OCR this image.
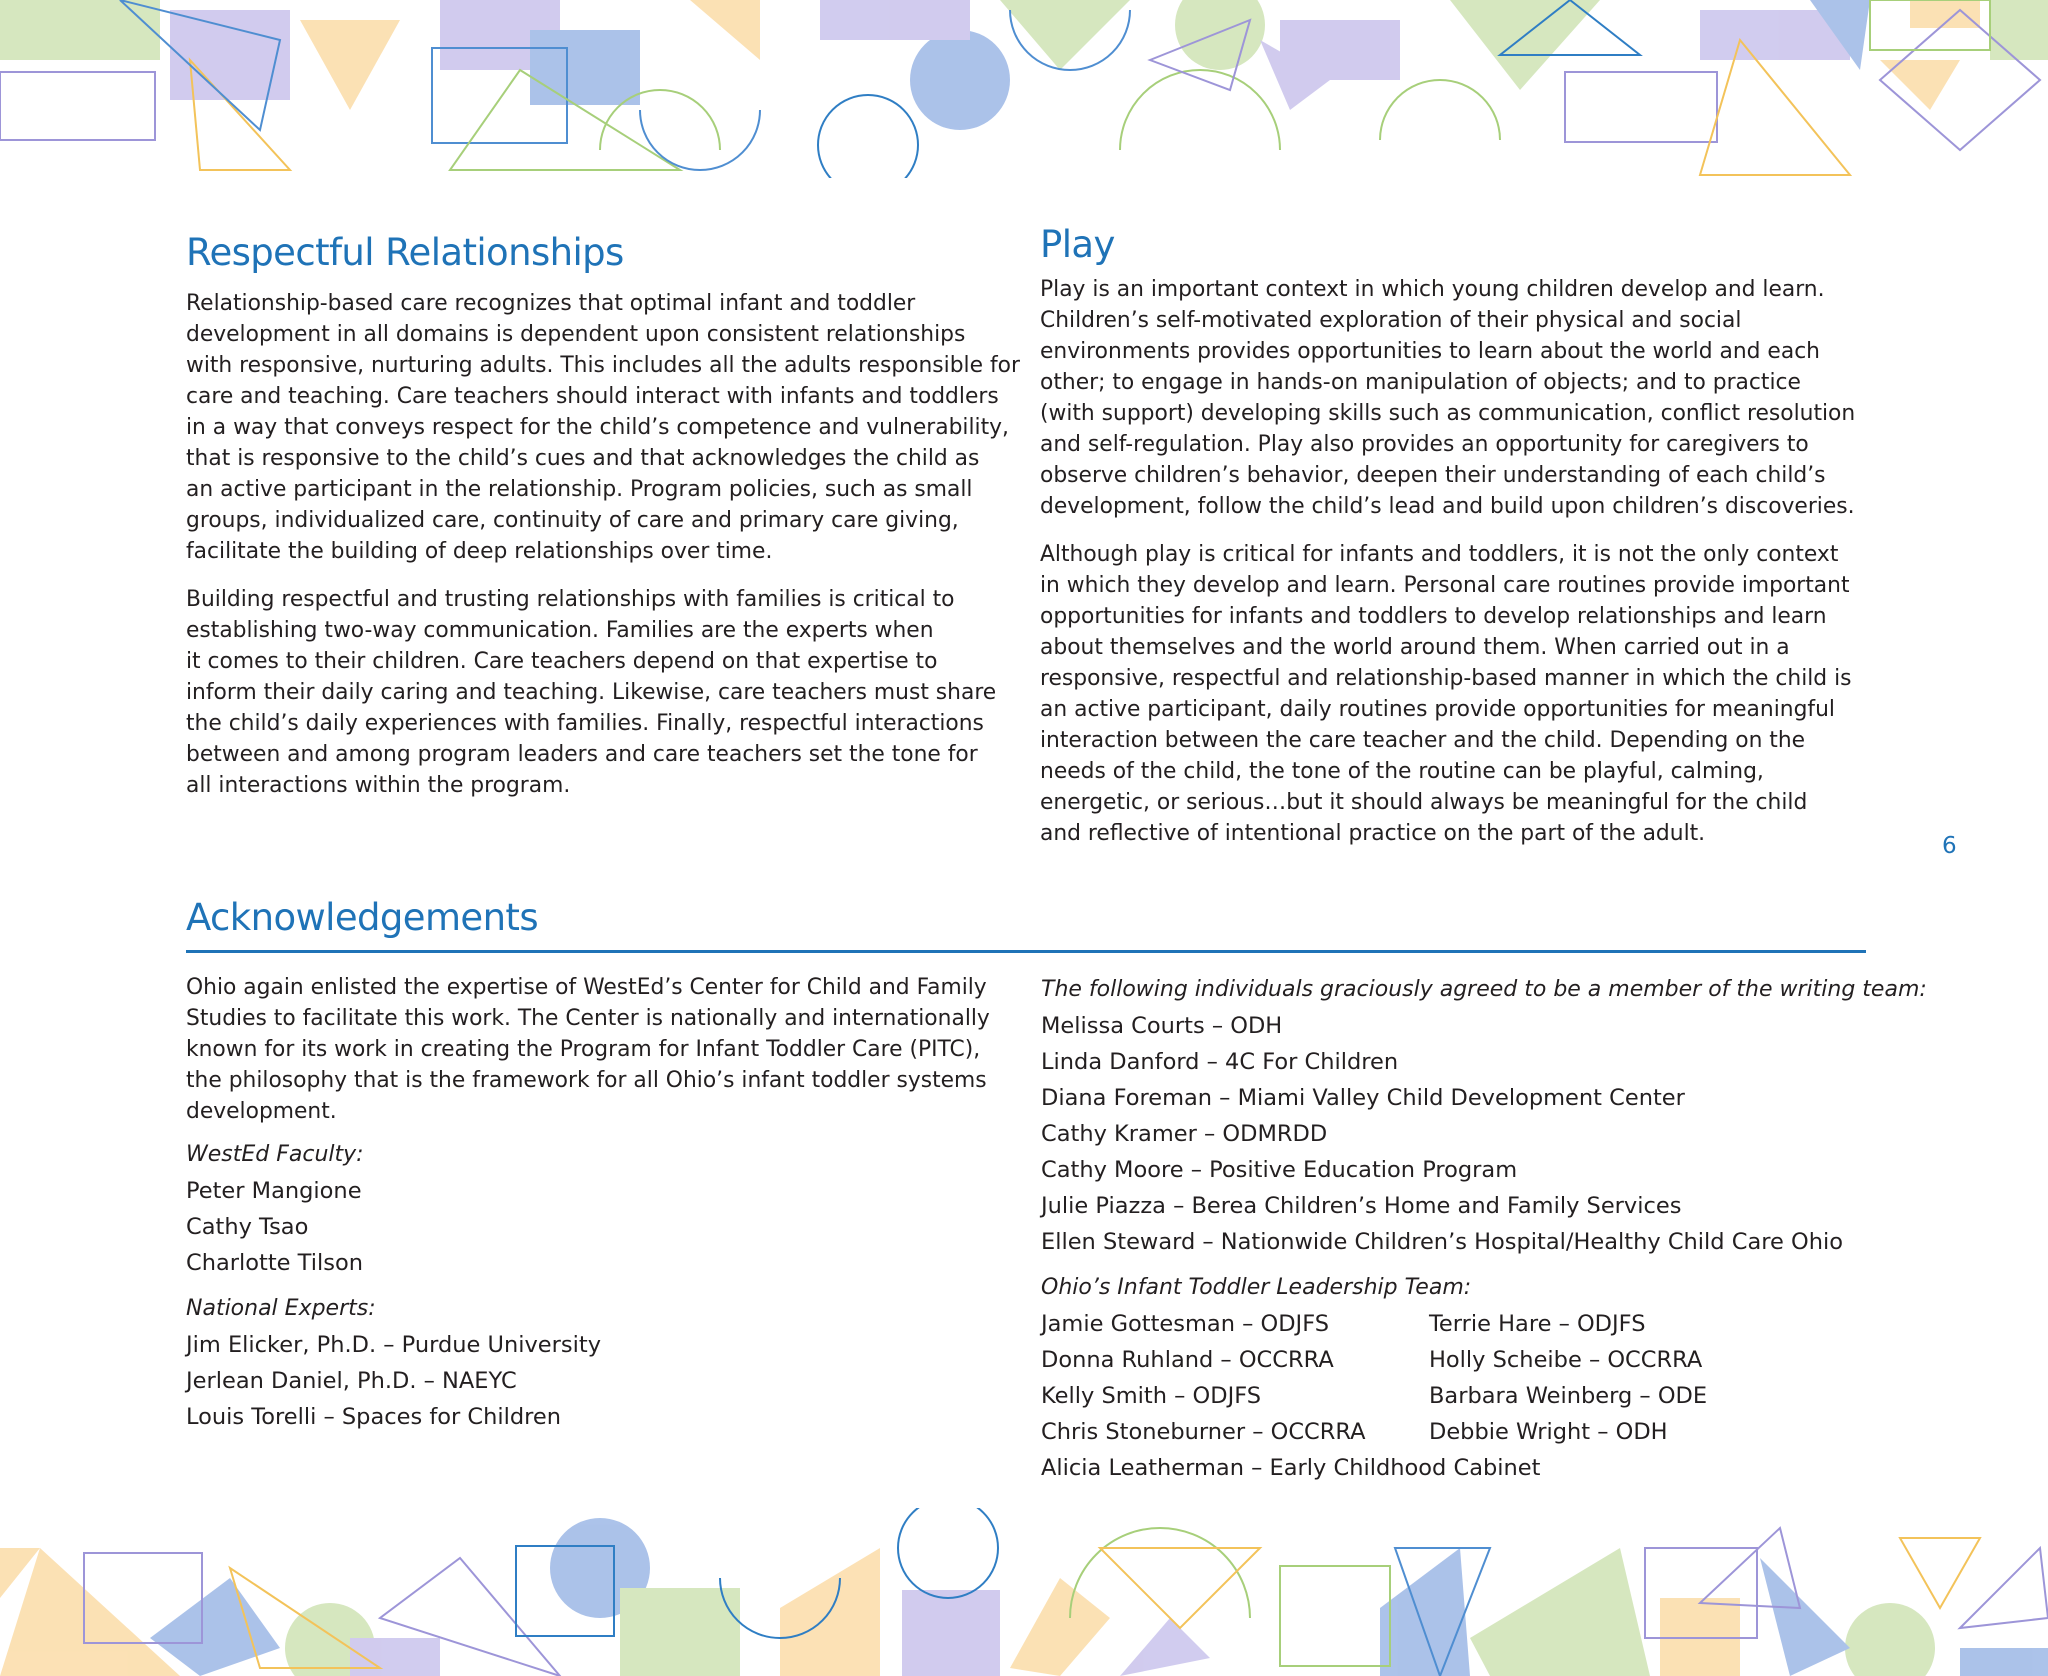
Respectful Relationships

Relationship-based care recognizes that optimal infant and toddler
development in all domains is dependent upon consistent relationships
with responsive, nurturing adults. This includes all the adults responsible for
care and teaching. Care teachers should interact with infants and toddlers
in a way that conveys respect for the child’s competence and vulnerability,
that is responsive to the child’s cues and that acknowledges the child as
an active participant in the relationship. Program policies, such as small
groups, individualized care, continuity of care and primary care giving,
facilitate the building of deep relationships over time.

Building respectful and trusting relationships with families is critical to
establishing two-way communication. Families are the experts when
it comes to their children. Care teachers depend on that expertise to
inform their daily caring and teaching. Likewise, care teachers must share
the child’s daily experiences with families. Finally, respectful interactions
between and among program leaders and care teachers set the tone for
all interactions within the program.

Play

Play is an important context in which young children develop and learn.
Children’s self-motivated exploration of their physical and social
environments provides opportunities to learn about the world and each
other; to engage in hands-on manipulation of objects; and to practice
(with support) developing skills such as communication, conflict resolution
and self-regulation. Play also provides an opportunity for caregivers to
observe children’s behavior, deepen their understanding of each child’s
development, follow the child’s lead and build upon children’s discoveries.

Although play is critical for infants and toddlers, it is not the only context
in which they develop and learn. Personal care routines provide important
opportunities for infants and toddlers to develop relationships and learn
about themselves and the world around them. When carried out in a
responsive, respectful and relationship-based manner in which the child is
an active participant, daily routines provide opportunities for meaningful
interaction between the care teacher and the child. Depending on the
needs of the child, the tone of the routine can be playful, calming,
energetic, or serious…but it should always be meaningful for the child
and reflective of intentional practice on the part of the adult.	6
Acknowledgements

Ohio again enlisted the expertise of WestEd’s Center for Child and Family
Studies to facilitate this work. The Center is nationally and internationally
known for its work in creating the Program for Infant Toddler Care (PITC),
the philosophy that is the framework for all Ohio’s infant toddler systems
development.

WestEd Faculty:
Peter Mangione
Cathy Tsao
Charlotte Tilson
National Experts:
Jim Elicker, Ph.D. – Purdue University
Jerlean Daniel, Ph.D. – NAEYC
Louis Torelli – Spaces for Children
The following individuals graciously agreed to be a member of the writing team:
Melissa Courts – ODH
Linda Danford – 4C For Children
Diana Foreman – Miami Valley Child Development Center
Cathy Kramer – ODMRDD
Cathy Moore – Positive Education Program
Julie Piazza – Berea Children’s Home and Family Services
Ellen Steward – Nationwide Children’s Hospital/Healthy Child Care Ohio
Ohio’s Infant Toddler Leadership Team:
Jamie Gottesman – ODJFS	Terrie Hare – ODJFS
Donna Ruhland – OCCRRA	Holly Scheibe – OCCRRA
Kelly Smith – ODJFS	Barbara Weinberg – ODE
Chris Stoneburner – OCCRRA	Debbie Wright – ODH
Alicia Leatherman – Early Childhood Cabinet
